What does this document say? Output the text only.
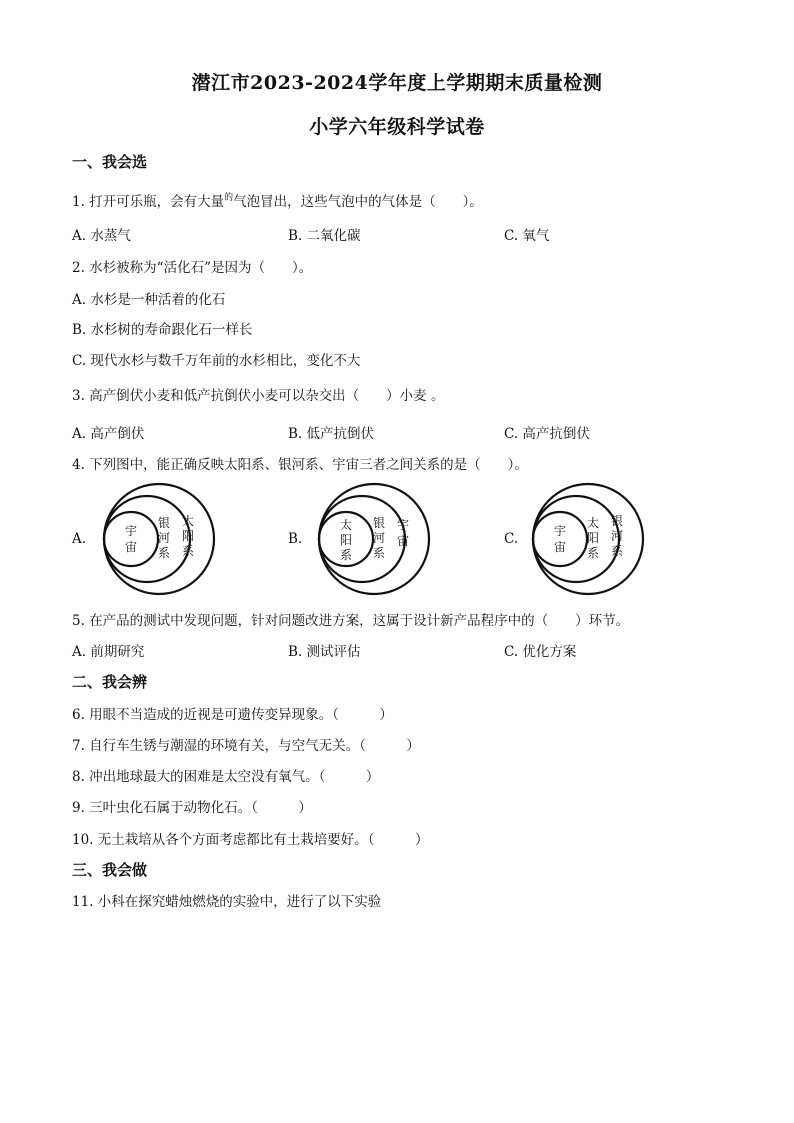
潜江市2023-2024学年度上学期期末质量检测
小学六年级科学试卷
一、我会选
1. 打开可乐瓶，会有大量$^的$气泡冒出，这些气泡中的气体是（　　）。
A. 水蒸气	B. 二氧化碳	C. 氧气
2. 水杉被称为“活化石”是因为（　　）。
A. 水杉是一种活着的化石
B. 水杉树的寿命跟化石一样长
C. 现代水杉与数千万年前的水杉相比，变化不大
3. 高产倒伏小麦和低产抗倒伏小麦可以杂交出（　　）小麦 。
A. 高产倒伏	B. 低产抗倒伏	C. 高产抗倒伏
4. 下列图中，能正确反映太阳系、银河系、宇宙三者之间关系的是（　　）。
A.	B.	C.
宇
宙
银
河
系
太
阳
系
太
阳
系
银
河
系
宇
宙
宇
宙
太
阳
系
银
河
系
5. 在产品的测试中发现问题，针对问题改进方案，这属于设计新产品程序中的（　　）环节。
A. 前期研究	B. 测试评估	C. 优化方案
二、我会辨
6. 用眼不当造成的近视是可遗传变异现象。（　　　）
7. 自行车生锈与潮湿的环境有关，与空气无关。（　　　）
8. 冲出地球最大的困难是太空没有氧气。（　　　）
9. 三叶虫化石属于动物化石。（　　　）
10. 无土栽培从各个方面考虑都比有土栽培要好。（　　　）
三、我会做
11. 小科在探究蜡烛燃烧的实验中，进行了以下实验
